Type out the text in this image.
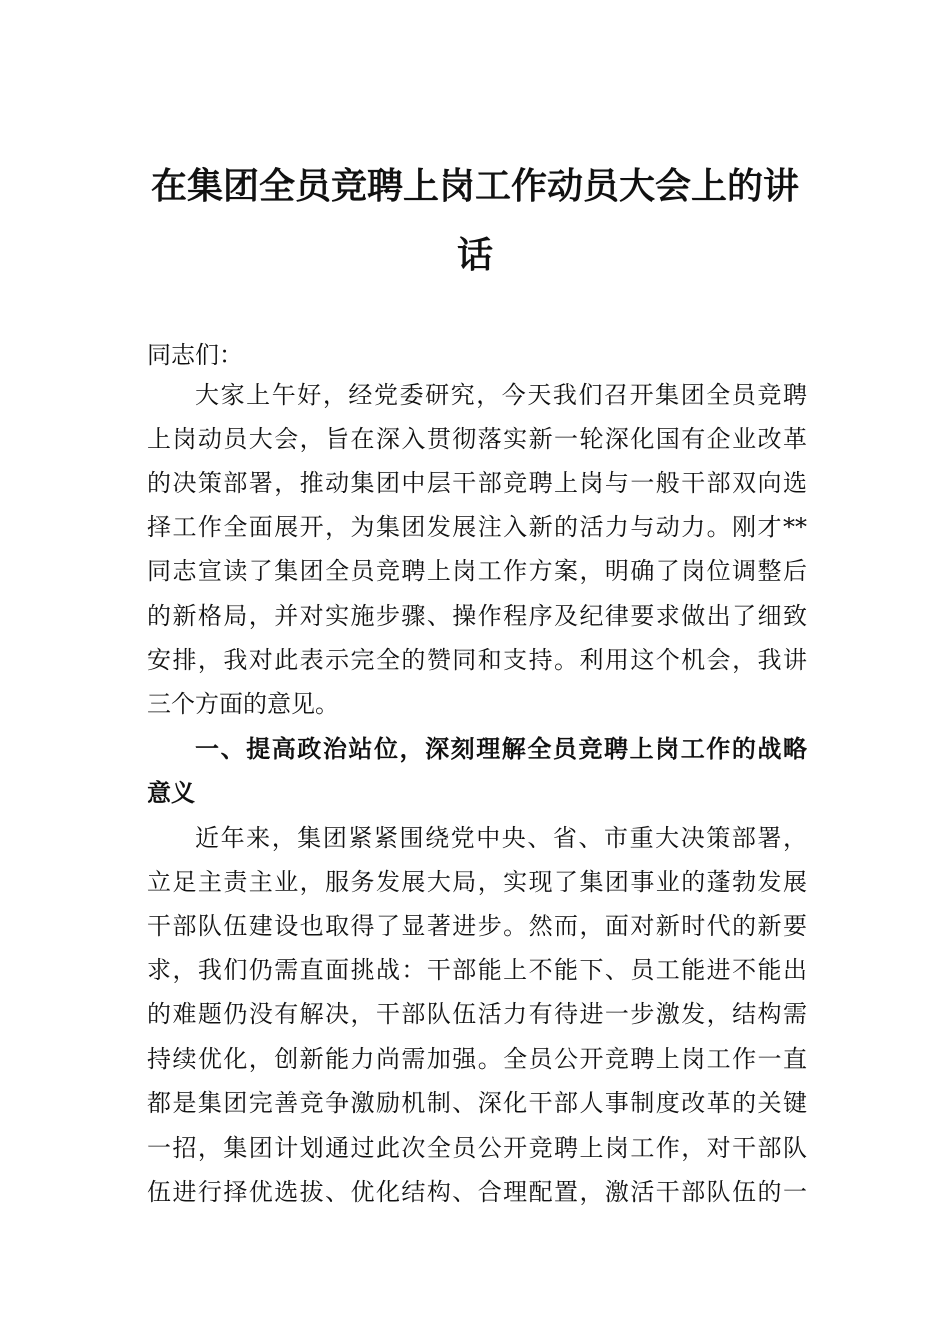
在集团全员竞聘上岗工作动员大会上的讲
话
同志们：
大家上午好，经党委研究，今天我们召开集团全员竞聘
上岗动员大会，旨在深入贯彻落实新一轮深化国有企业改革
的决策部署，推动集团中层干部竞聘上岗与一般干部双向选
择工作全面展开，为集团发展注入新的活力与动力。刚才**
同志宣读了集团全员竞聘上岗工作方案，明确了岗位调整后
的新格局，并对实施步骤、操作程序及纪律要求做出了细致
安排，我对此表示完全的赞同和支持。利用这个机会，我讲
三个方面的意见。
一、提高政治站位，深刻理解全员竞聘上岗工作的战略
意义
近年来，集团紧紧围绕党中央、省、市重大决策部署，
立足主责主业，服务发展大局，实现了集团事业的蓬勃发展
干部队伍建设也取得了显著进步。然而，面对新时代的新要
求，我们仍需直面挑战：干部能上不能下、员工能进不能出
的难题仍没有解决，干部队伍活力有待进一步激发，结构需
持续优化，创新能力尚需加强。全员公开竞聘上岗工作一直
都是集团完善竞争激励机制、深化干部人事制度改革的关键
一招，集团计划通过此次全员公开竞聘上岗工作，对干部队
伍进行择优选拔、优化结构、合理配置，激活干部队伍的一
